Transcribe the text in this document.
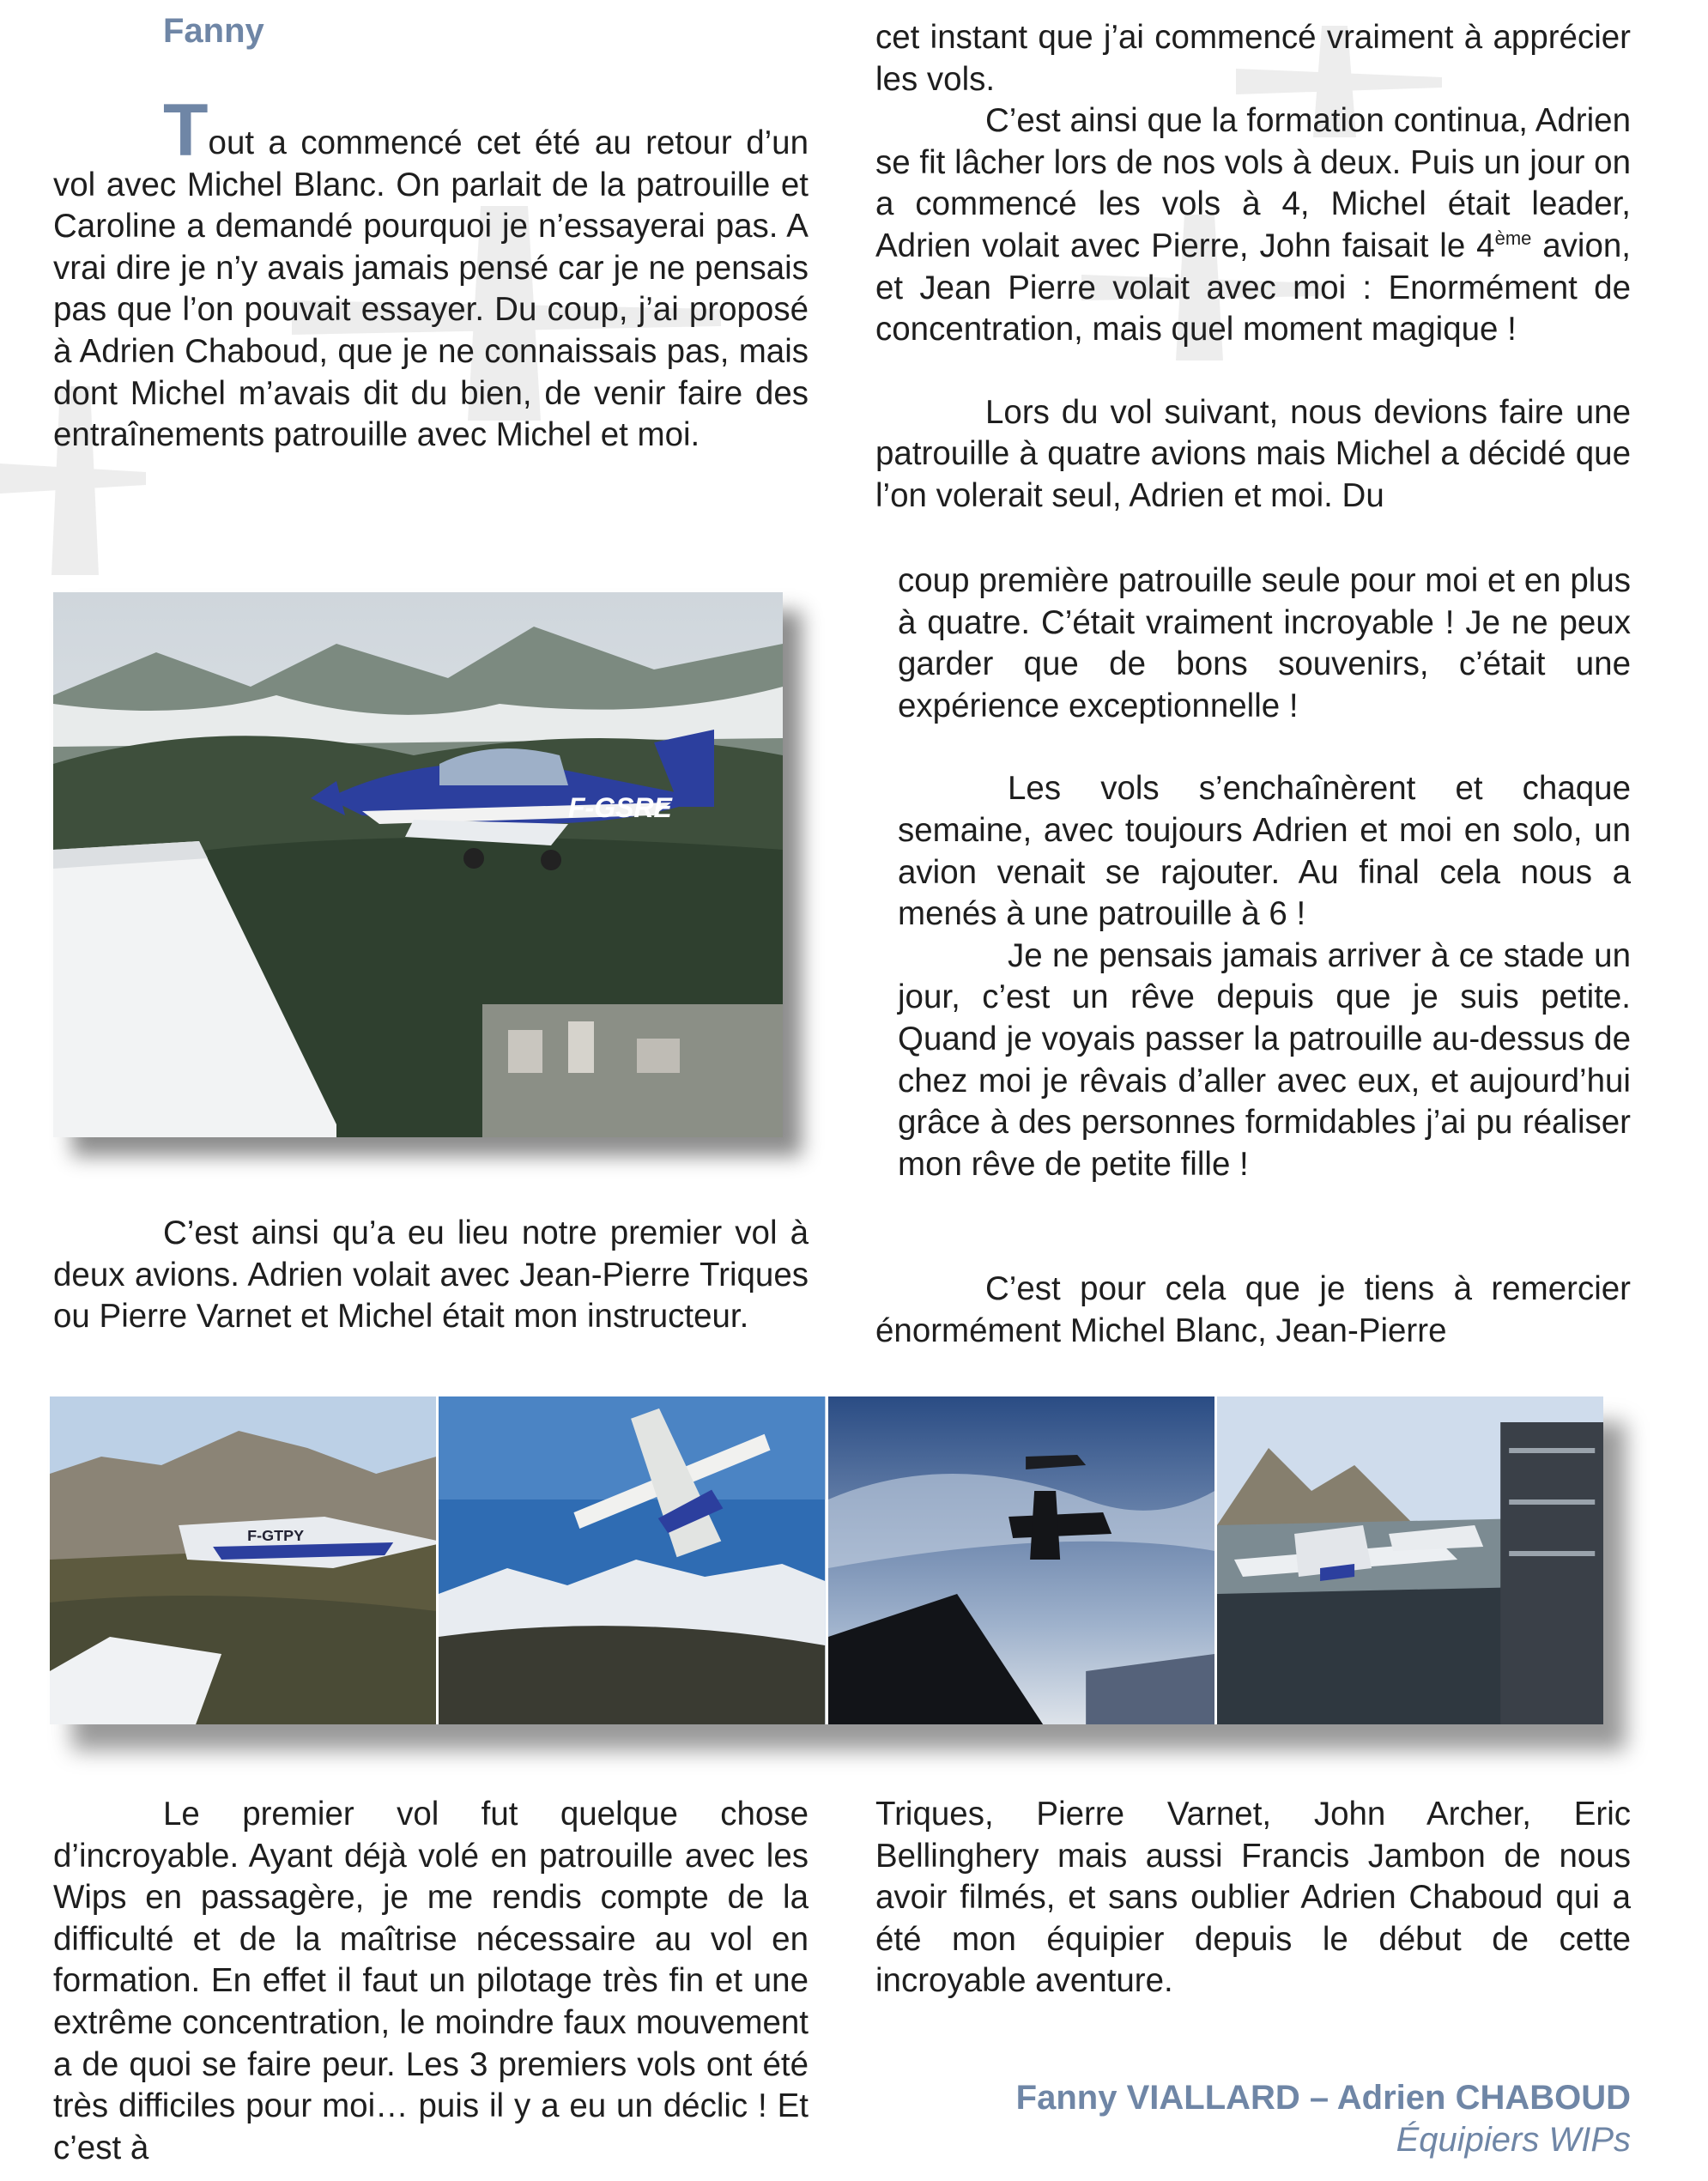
Fanny

Tout a commencé cet été au retour d’un vol avec Michel Blanc. On parlait de la patrouille et Caroline a demandé pourquoi je n’essayerai pas. A vrai dire je n’y avais jamais pensé car je ne pensais pas que l’on pouvait essayer. Du coup, j’ai proposé à Adrien Chaboud, que je ne connaissais pas, mais dont Michel m’avais dit du bien, de venir faire des entraînements patrouille avec Michel et moi.

F-GSRE
C’est ainsi qu’a eu lieu notre premier vol à deux avions. Adrien volait avec Jean-Pierre Triques ou Pierre Varnet et Michel était mon instructeur.

cet instant que j’ai commencé vraiment à apprécier les vols.

C’est ainsi que la formation continua, Adrien se fit lâcher lors de nos vols à deux. Puis un jour on a commencé les vols à 4, Michel était leader, Adrien volait avec Pierre, John faisait le 4ème avion, et Jean Pierre volait avec moi : Enormément de concentration, mais quel moment magique !

Lors du vol suivant, nous devions faire une patrouille à quatre avions mais Michel a décidé que l’on volerait seul, Adrien et moi. Du

coup première patrouille seule pour moi et en plus à quatre. C’était vraiment incroyable ! Je ne peux garder que de bons souvenirs, c’était une expérience exceptionnelle !

Les vols s’enchaînèrent et chaque semaine, avec toujours Adrien et moi en solo, un avion venait se rajouter. Au final cela nous a menés à une patrouille à 6 !

Je ne pensais jamais arriver à ce stade un jour, c’est un rêve depuis que je suis petite. Quand je voyais passer la patrouille au-dessus de chez moi je rêvais d’aller avec eux, et aujourd’hui grâce à des personnes formidables j’ai pu réaliser mon rêve de petite fille !

C’est pour cela que je tiens à remercier énormément Michel Blanc, Jean-Pierre
F-GTPY
Le premier vol fut quelque chose d’incroyable. Ayant déjà volé en patrouille avec les Wips en passagère, je me rendis compte de la difficulté et de la maîtrise nécessaire au vol en formation. En effet il faut un pilotage très fin et une extrême concentration, le moindre faux mouvement a de quoi se faire peur. Les 3 premiers vols ont été très difficiles pour moi… puis il y a eu un déclic ! Et c’est à
Triques, Pierre Varnet, John Archer, Eric Bellinghery mais aussi Francis Jambon de nous avoir filmés, et sans oublier Adrien Chaboud qui a été mon équipier depuis le début de cette incroyable aventure.
Fanny VIALLARD – Adrien CHABOUD
Équipiers WIPs
